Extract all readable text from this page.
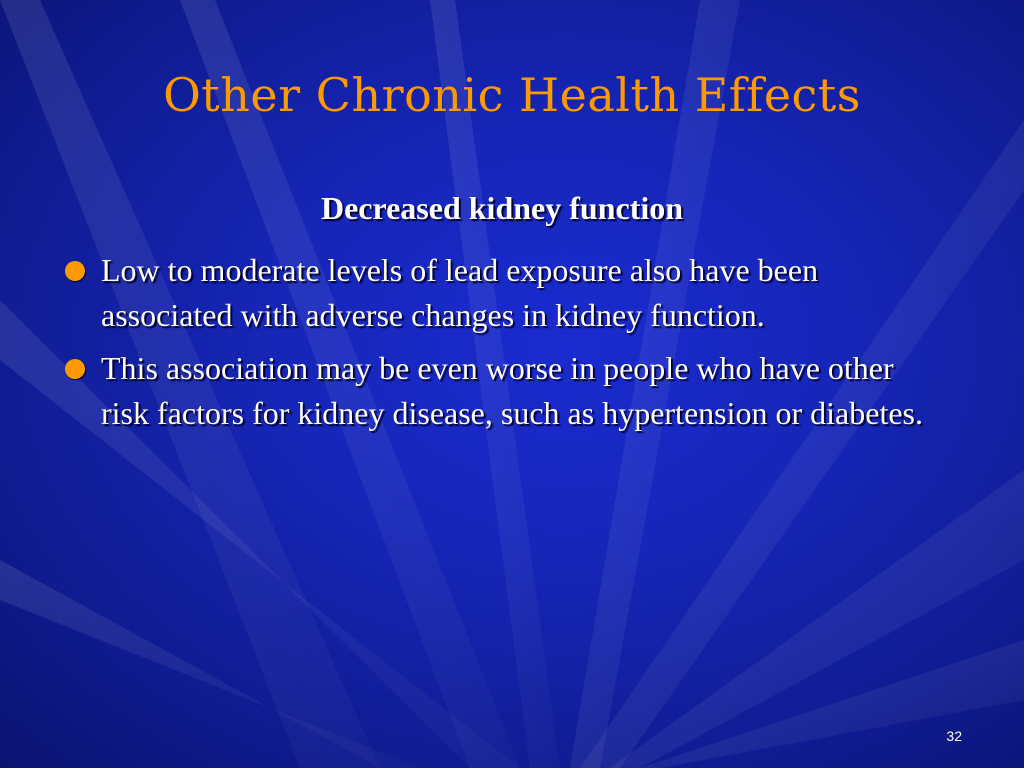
Other Chronic Health Effects
Decreased kidney function
Low to moderate levels of lead exposure also have been associated with adverse changes in kidney function.
This association may be even worse in people who have other risk factors for kidney disease, such as hypertension or diabetes.
32
